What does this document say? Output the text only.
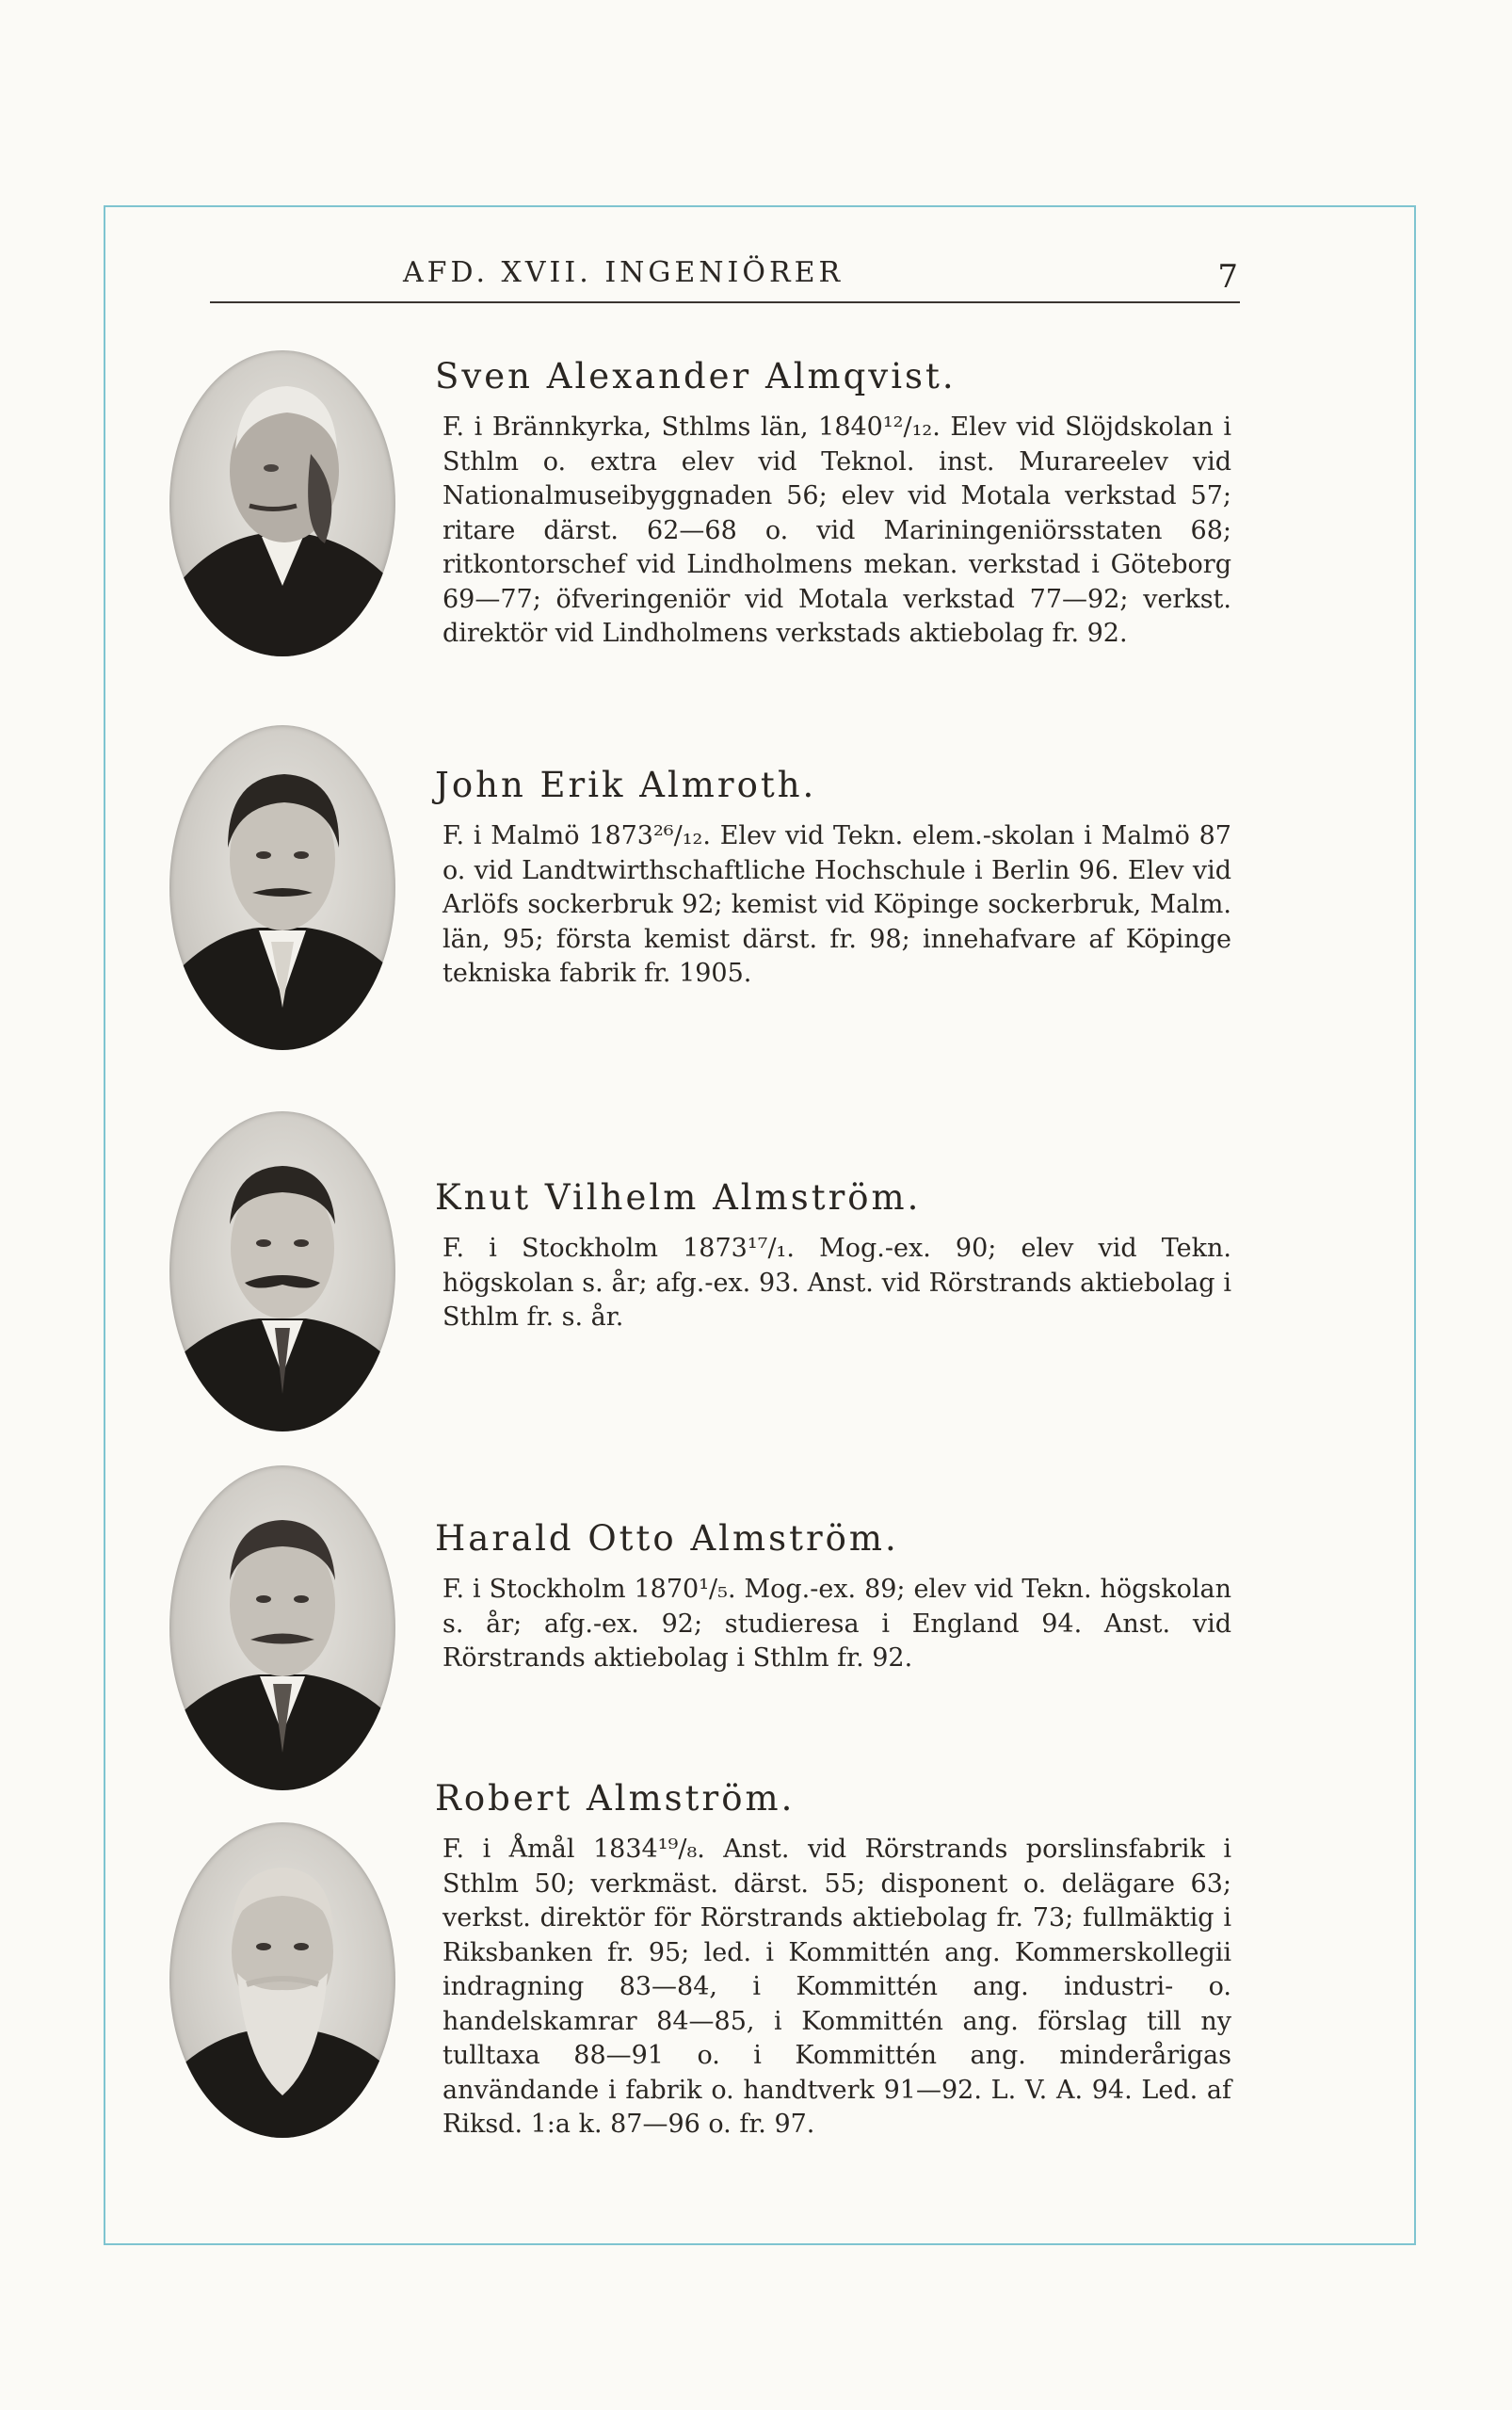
AFD. XVII. INGENIÖRER	7
Sven Alexander Almqvist.

F. i Brännkyrka, Sthlms län, 1840¹²/₁₂. Elev vid Slöjdskolan i Sthlm o. extra elev vid Teknol. inst. Murareelev vid Nationalmuseibyggnaden 56; elev vid Motala verkstad 57; ritare därst. 62—68 o. vid Mariningeniörsstaten 68; ritkontorschef vid Lindholmens mekan. verkstad i Göteborg 69—77; öfveringeniör vid Motala verkstad 77—92; verkst. direktör vid Lindholmens verkstads aktiebolag fr. 92.

John Erik Almroth.

F. i Malmö 1873²⁶/₁₂. Elev vid Tekn. elem.-skolan i Malmö 87 o. vid Landtwirthschaftliche Hochschule i Berlin 96. Elev vid Arlöfs sockerbruk 92; kemist vid Köpinge sockerbruk, Malm. län, 95; första kemist därst. fr. 98; innehafvare af Köpinge tekniska fabrik fr. 1905.

Knut Vilhelm Almström.

F. i Stockholm 1873¹⁷/₁. Mog.-ex. 90; elev vid Tekn. högskolan s. år; afg.-ex. 93. Anst. vid Rörstrands aktiebolag i Sthlm fr. s. år.

Harald Otto Almström.

F. i Stockholm 1870¹/₅. Mog.-ex. 89; elev vid Tekn. högskolan s. år; afg.-ex. 92; studieresa i England 94. Anst. vid Rörstrands aktiebolag i Sthlm fr. 92.

Robert Almström.

F. i Åmål 1834¹⁹/₈. Anst. vid Rörstrands porslinsfabrik i Sthlm 50; verkmäst. därst. 55; disponent o. delägare 63; verkst. direktör för Rörstrands aktiebolag fr. 73; fullmäktig i Riksbanken fr. 95; led. i Kommittén ang. Kommerskollegii indragning 83—84, i Kommittén ang. industri- o. handelskamrar 84—85, i Kommittén ang. förslag till ny tulltaxa 88—91 o. i Kommittén ang. minderårigas användande i fabrik o. handtverk 91—92. L. V. A. 94. Led. af Riksd. 1:a k. 87—96 o. fr. 97.
